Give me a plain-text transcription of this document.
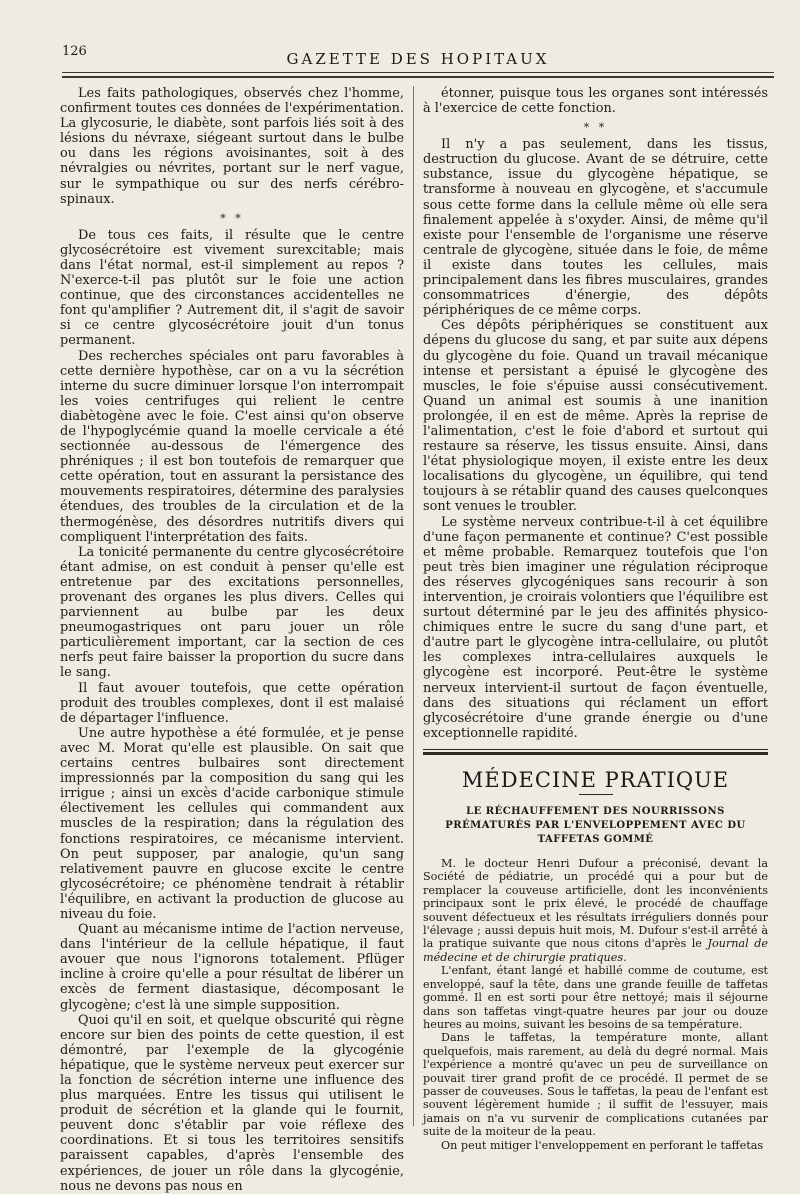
126	GAZETTE DES HOPITAUX

Les faits pathologiques, observés chez l'homme, confirment toutes ces données de l'expérimentation. La glycosurie, le diabète, sont parfois liés soit à des lésions du névraxe, siégeant surtout dans le bulbe ou dans les régions avoisinantes, soit à des névralgies ou névrites, portant sur le nerf vague, sur le sympathique ou sur des nerfs cérébro-spinaux.

* *

De tous ces faits, il résulte que le centre glycosécrétoire est vivement surexcitable; mais dans l'état normal, est-il simplement au repos ? N'exerce-t-il pas plutôt sur le foie une action continue, que des circonstances accidentelles ne font qu'amplifier ? Autrement dit, il s'agit de savoir si ce centre glycosécrétoire jouit d'un tonus permanent.

Des recherches spéciales ont paru favorables à cette dernière hypothèse, car on a vu la sécrétion interne du sucre diminuer lorsque l'on interrompait les voies centrifuges qui relient le centre diabètogène avec le foie. C'est ainsi qu'on observe de l'hypoglycémie quand la moelle cervicale a été sectionnée au-dessous de l'émergence des phréniques ; il est bon toutefois de remarquer que cette opération, tout en assurant la persistance des mouvements respiratoires, détermine des paralysies étendues, des troubles de la circulation et de la thermogénèse, des désordres nutritifs divers qui compliquent l'interprétation des faits.

La tonicité permanente du centre glycosécrétoire étant admise, on est conduit à penser qu'elle est entretenue par des excitations personnelles, provenant des organes les plus divers. Celles qui parviennent au bulbe par les deux pneumogastriques ont paru jouer un rôle particulièrement important, car la section de ces nerfs peut faire baisser la proportion du sucre dans le sang.

Il faut avouer toutefois, que cette opération produit des troubles complexes, dont il est malaisé de départager l'influence.

Une autre hypothèse a été formulée, et je pense avec M. Morat qu'elle est plausible. On sait que certains centres bulbaires sont directement impressionnés par la composition du sang qui les irrigue ; ainsi un excès d'acide carbonique stimule électivement les cellules qui commandent aux muscles de la respiration; dans la régulation des fonctions respiratoires, ce mécanisme intervient. On peut supposer, par analogie, qu'un sang relativement pauvre en glucose excite le centre glycosécrétoire; ce phénomène tendrait à rétablir l'équilibre, en activant la production de glucose au niveau du foie.

Quant au mécanisme intime de l'action nerveuse, dans l'intérieur de la cellule hépatique, il faut avouer que nous l'ignorons totalement. Pflüger incline à croire qu'elle a pour résultat de libérer un excès de ferment diastasique, décomposant le glycogène; c'est là une simple supposition.

Quoi qu'il en soit, et quelque obscurité qui règne encore sur bien des points de cette question, il est démontré, par l'exemple de la glycogénie hépatique, que le système nerveux peut exercer sur la fonction de sécrétion interne une influence des plus marquées. Entre les tissus qui utilisent le produit de sécrétion et la glande qui le fournit, peuvent donc s'établir par voie réflexe des coordinations. Et si tous les territoires sensitifs paraissent capables, d'après l'ensemble des expériences, de jouer un rôle dans la glycogénie, nous ne devons pas nous en

étonner, puisque tous les organes sont intéressés à l'exercice de cette fonction.

* *

Il n'y a pas seulement, dans les tissus, destruction du glucose. Avant de se détruire, cette substance, issue du glycogène hépatique, se transforme à nouveau en glycogène, et s'accumule sous cette forme dans la cellule même où elle sera finalement appelée à s'oxyder. Ainsi, de même qu'il existe pour l'ensemble de l'organisme une réserve centrale de glycogène, située dans le foie, de même il existe dans toutes les cellules, mais principalement dans les fibres musculaires, grandes consommatrices d'énergie, des dépôts périphériques de ce même corps.

Ces dépôts périphériques se constituent aux dépens du glucose du sang, et par suite aux dépens du glycogène du foie. Quand un travail mécanique intense et persistant a épuisé le glycogène des muscles, le foie s'épuise aussi consécutivement. Quand un animal est soumis à une inanition prolongée, il en est de même. Après la reprise de l'alimentation, c'est le foie d'abord et surtout qui restaure sa réserve, les tissus ensuite. Ainsi, dans l'état physiologique moyen, il existe entre les deux localisations du glycogène, un équilibre, qui tend toujours à se rétablir quand des causes quelconques sont venues le troubler.

Le système nerveux contribue-t-il à cet équilibre d'une façon permanente et continue? C'est possible et même probable. Remarquez toutefois que l'on peut très bien imaginer une régulation réciproque des réserves glycogéniques sans recourir à son intervention, je croirais volontiers que l'équilibre est surtout déterminé par le jeu des affinités physico-chimiques entre le sucre du sang d'une part, et d'autre part le glycogène intra-cellulaire, ou plutôt les complexes intra-cellulaires auxquels le glycogène est incorporé. Peut-être le système nerveux intervient-il surtout de façon éventuelle, dans des situations qui réclament un effort glycosécrétoire d'une grande énergie ou d'une exceptionnelle rapidité.

MÉDECINE PRATIQUE
LE RÉCHAUFFEMENT DES NOURRISSONS PRÉMATURÉS PAR L'ENVELOPPEMENT AVEC DU TAFFETAS GOMMÉ

M. le docteur Henri Dufour a préconisé, devant la Société de pédiatrie, un procédé qui a pour but de remplacer la couveuse artificielle, dont les inconvénients principaux sont le prix élevé, le procédé de chauffage souvent défectueux et les résultats irréguliers donnés pour l'élevage ; aussi depuis huit mois, M. Dufour s'est-il arrêté à la pratique suivante que nous citons d'après le Journal de médecine et de chirurgie pratiques.

L'enfant, étant langé et habillé comme de coutume, est enveloppé, sauf la tête, dans une grande feuille de taffetas gommé. Il en est sorti pour être nettoyé; mais il séjourne dans son taffetas vingt-quatre heures par jour ou douze heures au moins, suivant les besoins de sa température.

Dans le taffetas, la température monte, allant quelquefois, mais rarement, au delà du degré normal. Mais l'expérience a montré qu'avec un peu de surveillance on pouvait tirer grand profit de ce procédé. Il permet de se passer de couveuses. Sous le taffetas, la peau de l'enfant est souvent légèrement humide ; il suffit de l'essuyer, mais jamais on n'a vu survenir de complications cutanées par suite de la moiteur de la peau.

On peut mitiger l'enveloppement en perforant le taffetas
